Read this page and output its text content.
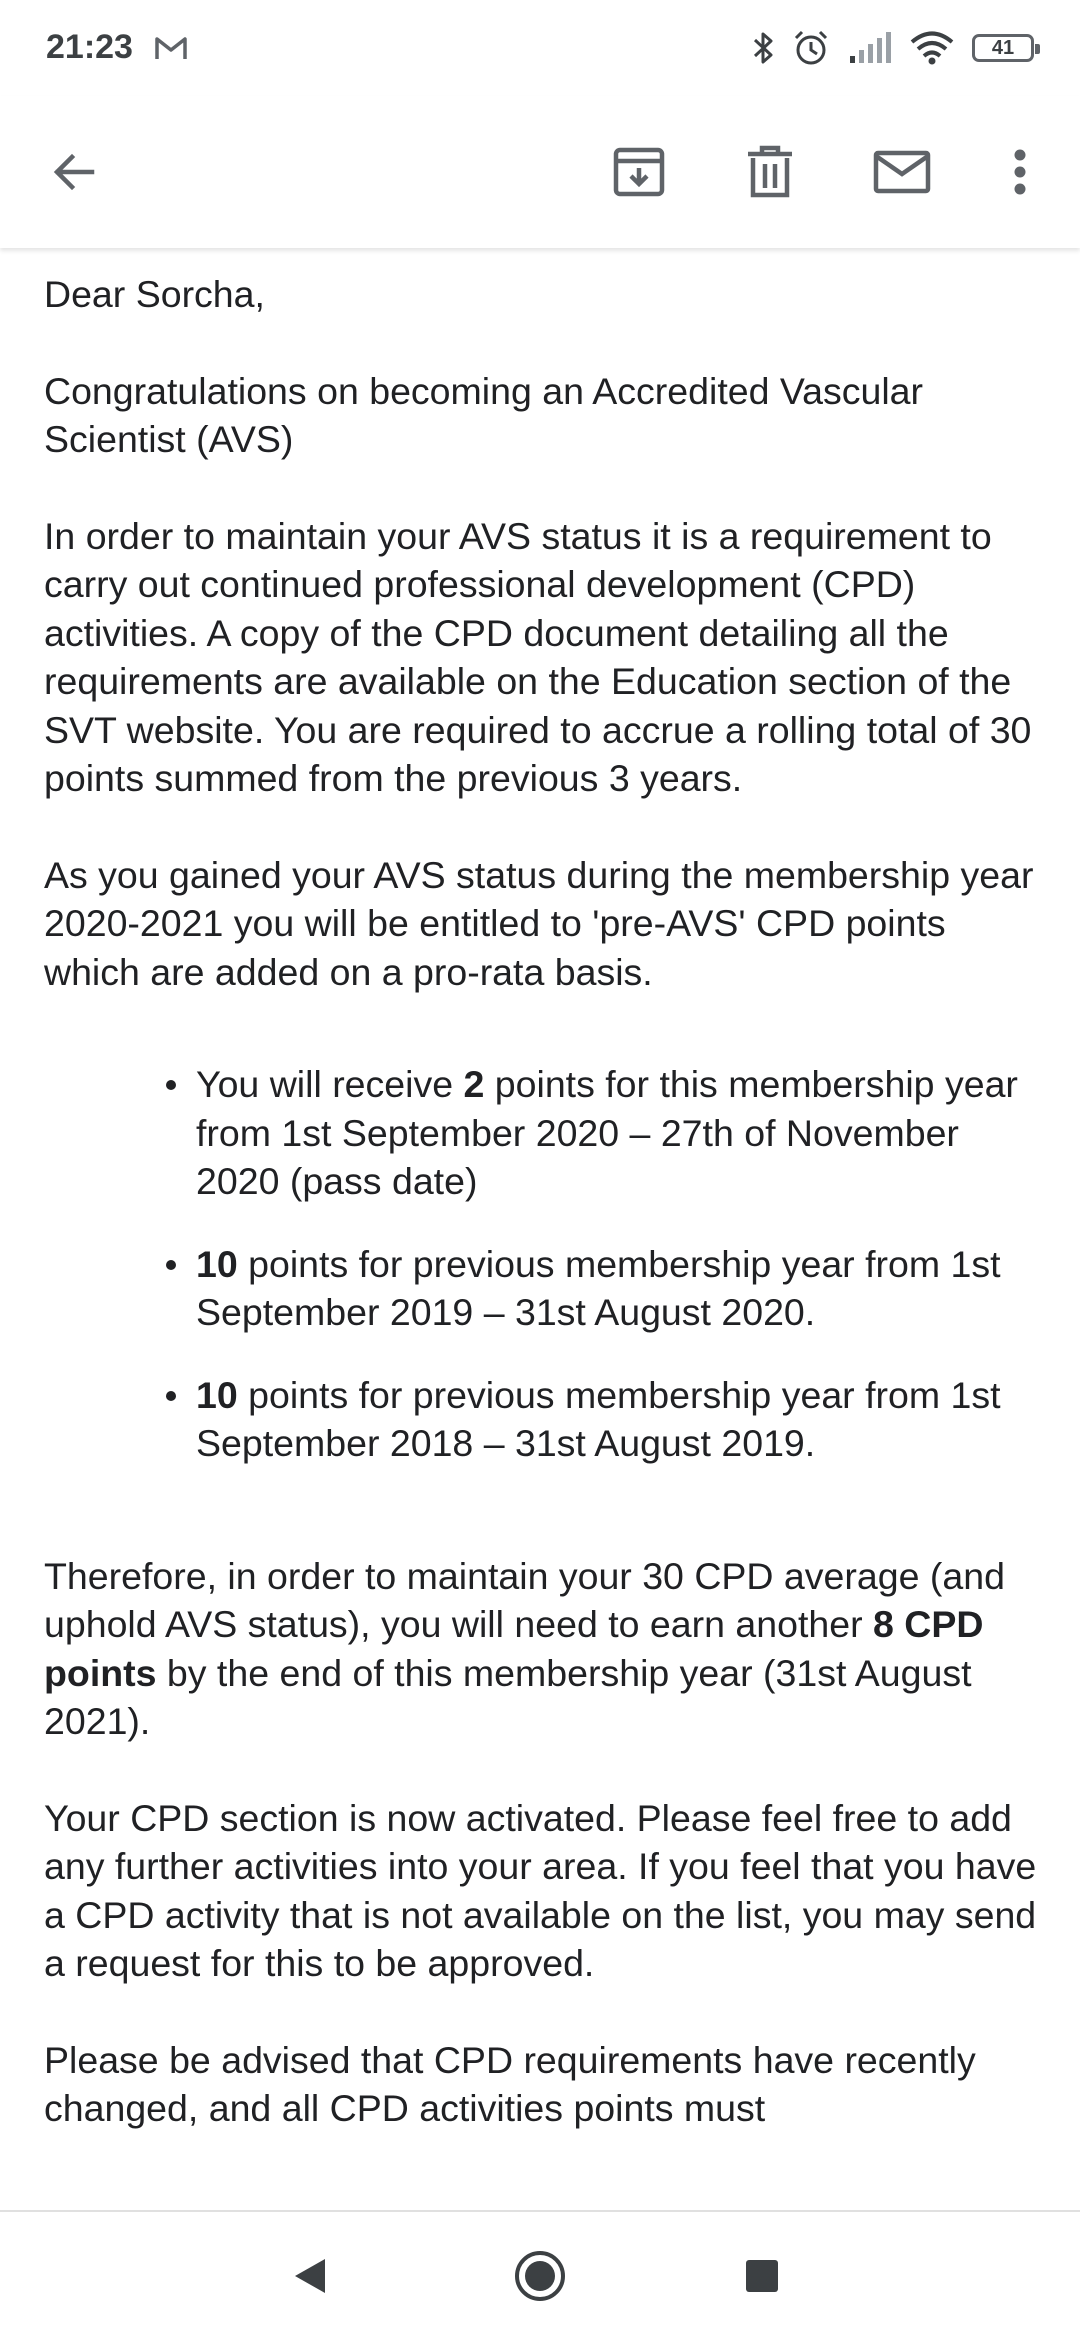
21:23	41

Dear Sorcha,

Congratulations on becoming an Accredited Vascular Scientist (AVS)

In order to maintain your AVS status it is a requirement to carry out continued professional development (CPD) activities. A copy of the CPD document detailing all the requirements are available on the Education section of the SVT website. You are required to accrue a rolling total of 30 points summed from the previous 3 years.

As you gained your AVS status during the membership year 2020-2021 you will be entitled to 'pre-AVS' CPD points which are added on a pro-rata basis.

You will receive 2 points for this membership year from 1st September 2020 – 27th of November 2020 (pass date)
10 points for previous membership year from 1st September 2019 – 31st August 2020.
10 points for previous membership year from 1st September 2018 – 31st August 2019.

Therefore, in order to maintain your 30 CPD average (and uphold AVS status), you will need to earn another 8 CPD points by the end of this membership year (31st August 2021).

Your CPD section is now activated. Please feel free to add any further activities into your area. If you feel that you have a CPD activity that is not available on the list, you may send a request for this to be approved.

Please be advised that CPD requirements have recently changed, and all CPD activities points must
